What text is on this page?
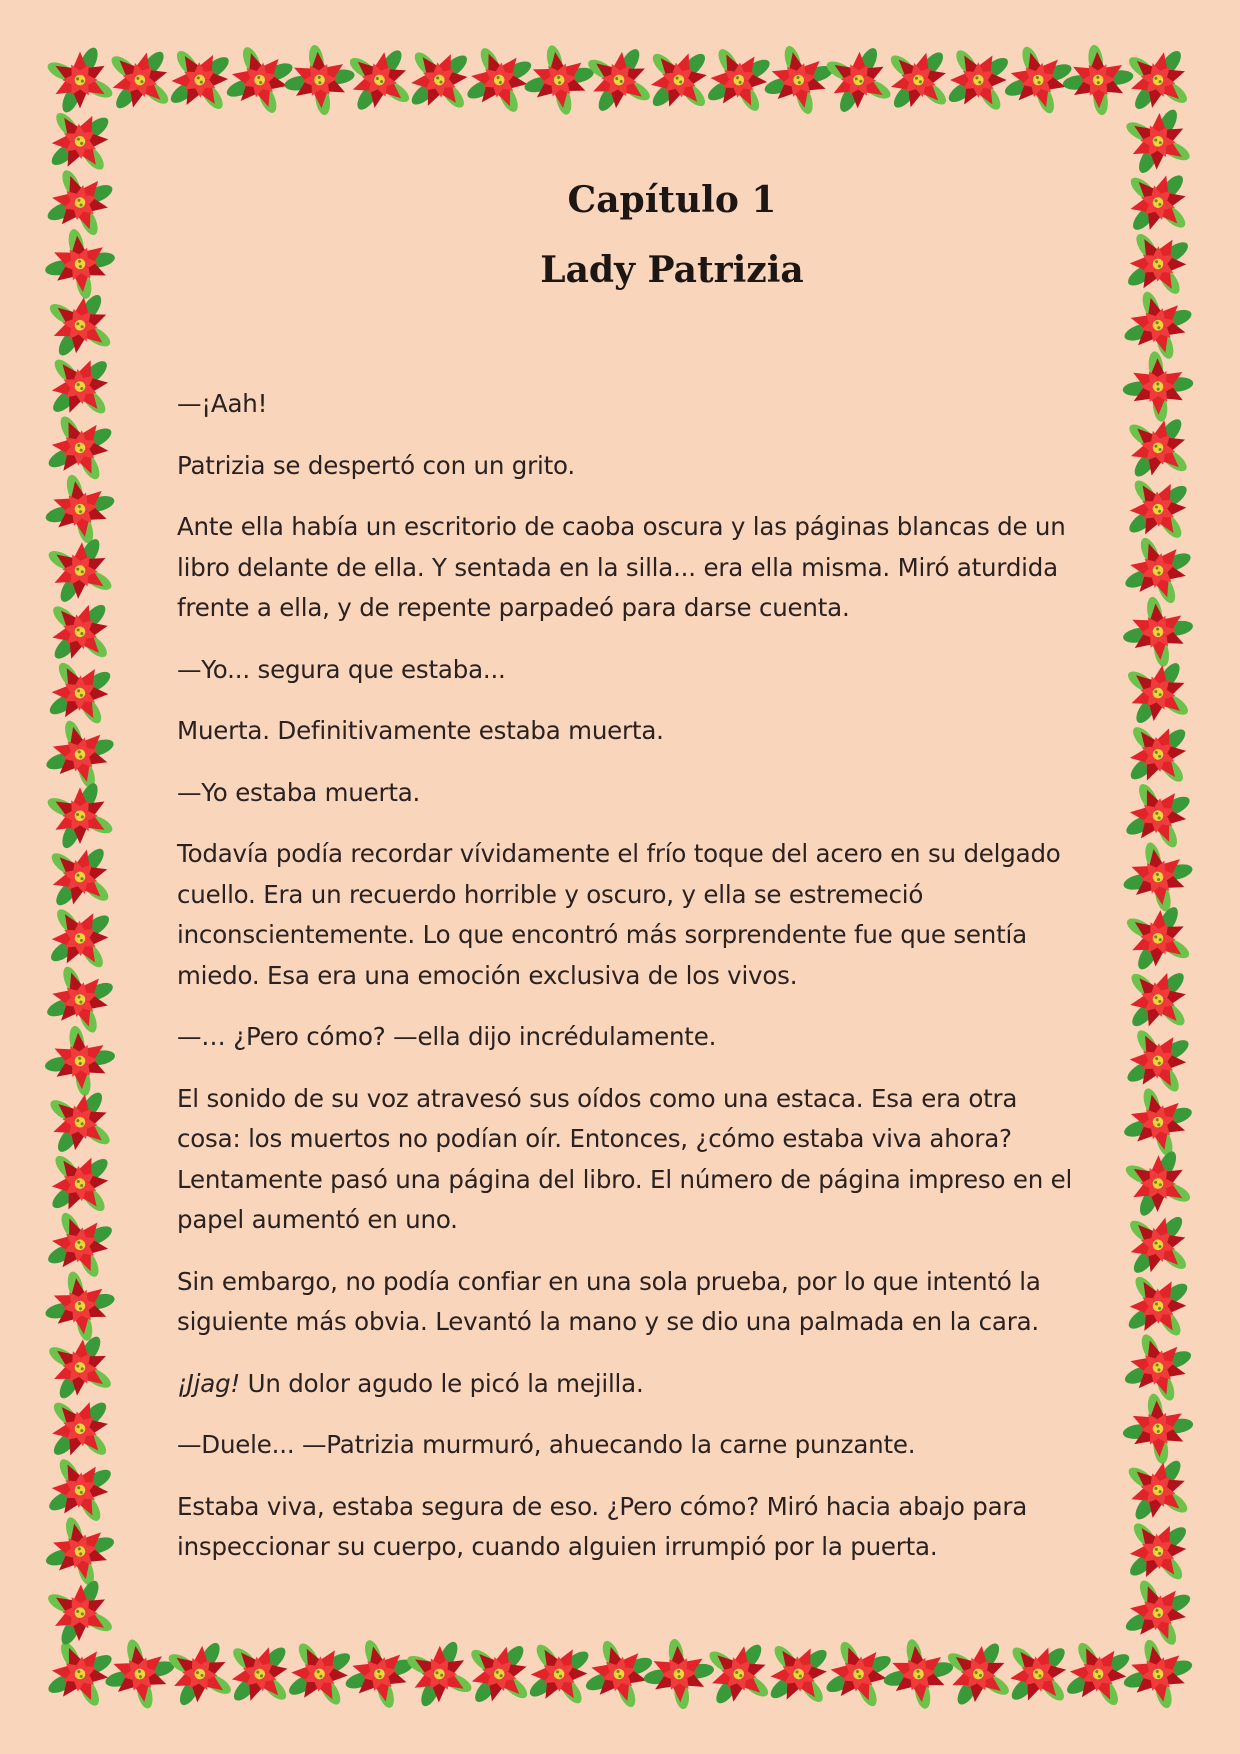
Capítulo 1
Lady Patrizia

—¡Aah!

Patrizia se despertó con un grito.

Ante ella había un escritorio de caoba oscura y las páginas blancas de un libro delante de ella. Y sentada en la silla... era ella misma. Miró aturdida frente a ella, y de repente parpadeó para darse cuenta.

—Yo... segura que estaba...

Muerta. Definitivamente estaba muerta.

—Yo estaba muerta.

Todavía podía recordar vívidamente el frío toque del acero en su delgado cuello. Era un recuerdo horrible y oscuro, y ella se estremeció inconscientemente. Lo que encontró más sorprendente fue que sentía miedo. Esa era una emoción exclusiva de los vivos.

—… ¿Pero cómo? —ella dijo incrédulamente.

El sonido de su voz atravesó sus oídos como una estaca. Esa era otra cosa: los muertos no podían oír. Entonces, ¿cómo estaba viva ahora? Lentamente pasó una página del libro. El número de página impreso en el papel aumentó en uno.

Sin embargo, no podía confiar en una sola prueba, por lo que intentó la siguiente más obvia. Levantó la mano y se dio una palmada en la cara.

¡Jjag! Un dolor agudo le picó la mejilla.

—Duele... —Patrizia murmuró, ahuecando la carne punzante.

Estaba viva, estaba segura de eso. ¿Pero cómo? Miró hacia abajo para inspeccionar su cuerpo, cuando alguien irrumpió por la puerta.
